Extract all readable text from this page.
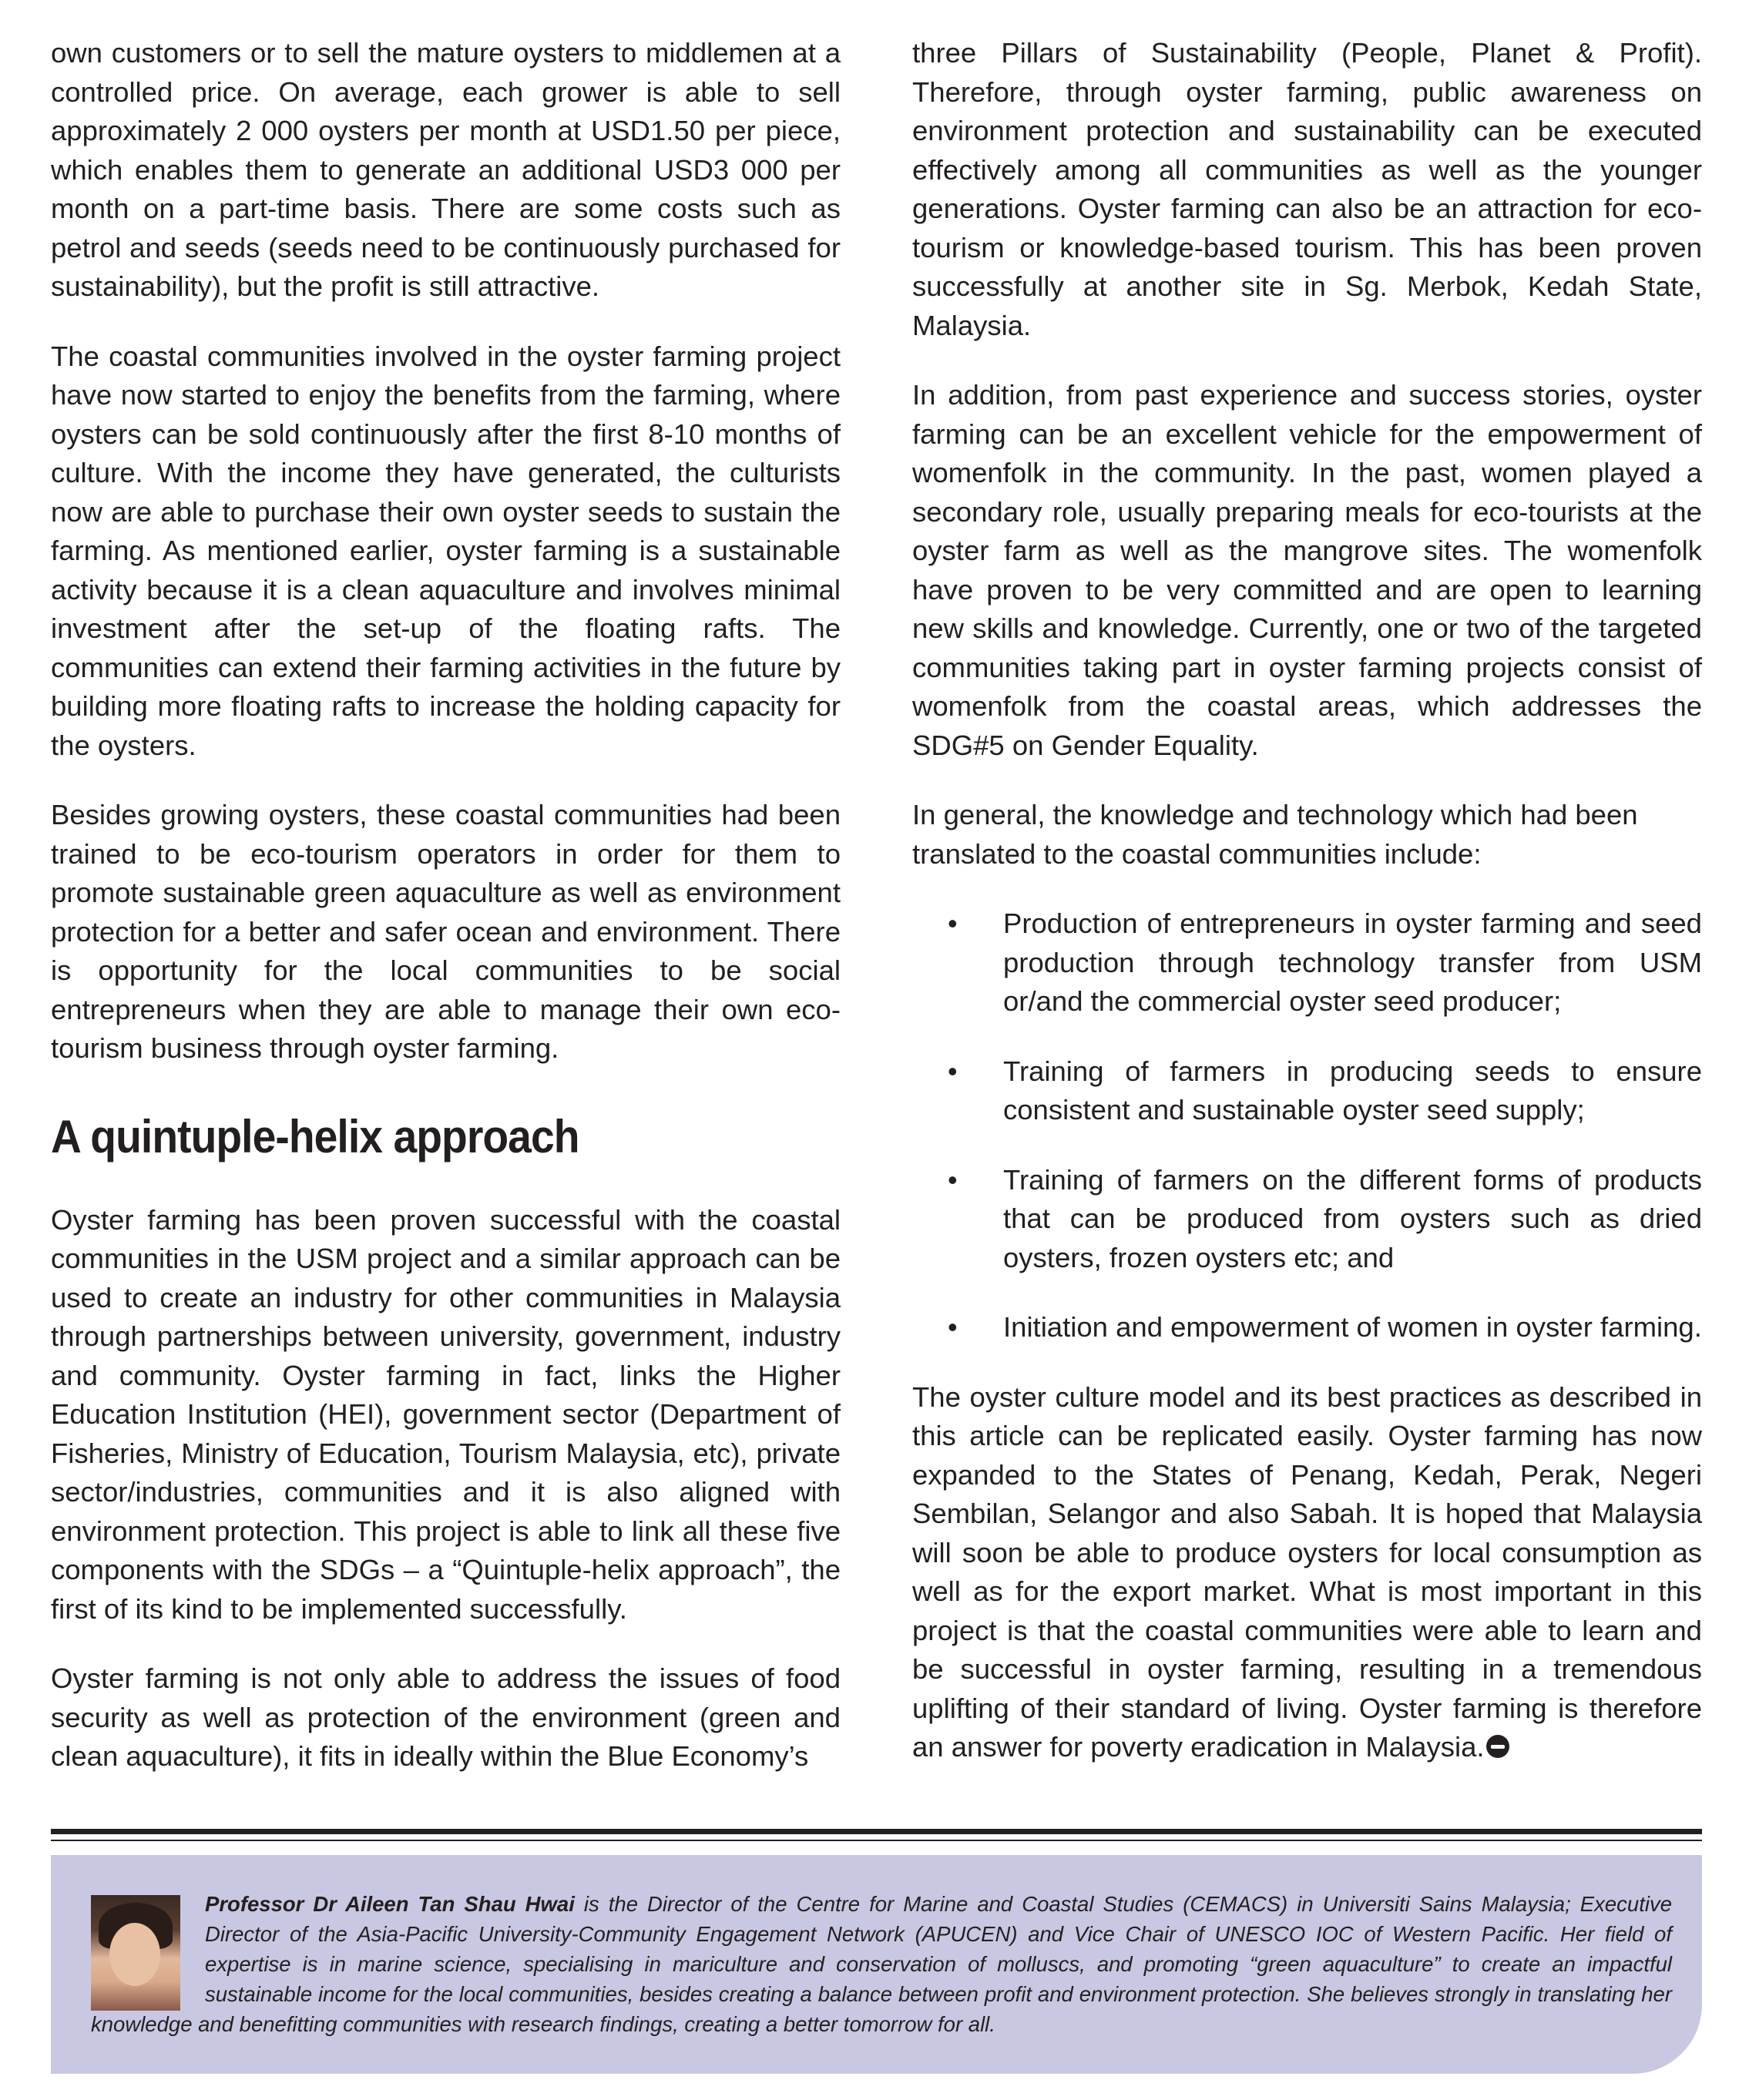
own customers or to sell the mature oysters to middlemen at a controlled price. On average, each grower is able to sell approximately 2 000 oysters per month at USD1.50 per piece, which enables them to generate an additional USD3 000 per month on a part-time basis. There are some costs such as petrol and seeds (seeds need to be continuously purchased for sustainability), but the profit is still attractive.

The coastal communities involved in the oyster farming project have now started to enjoy the benefits from the farming, where oysters can be sold continuously after the first 8-10 months of culture. With the income they have generated, the culturists now are able to purchase their own oyster seeds to sustain the farming. As mentioned earlier, oyster farming is a sustainable activity because it is a clean aquaculture and involves minimal investment after the set-up of the floating rafts. The communities can extend their farming activities in the future by building more floating rafts to increase the holding capacity for the oysters.

Besides growing oysters, these coastal communities had been trained to be eco-tourism operators in order for them to promote sustainable green aquaculture as well as environment protection for a better and safer ocean and environment. There is opportunity for the local communities to be social entrepreneurs when they are able to manage their own eco-tourism business through oyster farming.

A quintuple-helix approach

Oyster farming has been proven successful with the coastal communities in the USM project and a similar approach can be used to create an industry for other communities in Malaysia through partnerships between university, government, industry and community. Oyster farming in fact, links the Higher Education Institution (HEI), government sector (Department of Fisheries, Ministry of Education, Tourism Malaysia, etc), private sector/industries, communities and it is also aligned with environment protection. This project is able to link all these five components with the SDGs – a “Quintuple-helix approach”, the first of its kind to be implemented successfully.

Oyster farming is not only able to address the issues of food security as well as protection of the environment (green and clean aquaculture), it fits in ideally within the Blue Economy’s

three Pillars of Sustainability (People, Planet & Profit). Therefore, through oyster farming, public awareness on environment protection and sustainability can be executed effectively among all communities as well as the younger generations. Oyster farming can also be an attraction for eco-tourism or knowledge-based tourism. This has been proven successfully at another site in Sg. Merbok, Kedah State, Malaysia.

In addition, from past experience and success stories, oyster farming can be an excellent vehicle for the empowerment of womenfolk in the community. In the past, women played a secondary role, usually preparing meals for eco-tourists at the oyster farm as well as the mangrove sites. The womenfolk have proven to be very committed and are open to learning new skills and knowledge. Currently, one or two of the targeted communities taking part in oyster farming projects consist of womenfolk from the coastal areas, which addresses the SDG#5 on Gender Equality.

In general, the knowledge and technology which had been translated to the coastal communities include:

• Production of entrepreneurs in oyster farming and seed production through technology transfer from USM or/and the commercial oyster seed producer;
• Training of farmers in producing seeds to ensure consistent and sustainable oyster seed supply;
• Training of farmers on the different forms of products that can be produced from oysters such as dried oysters, frozen oysters etc; and
• Initiation and empowerment of women in oyster farming.

The oyster culture model and its best practices as described in this article can be replicated easily. Oyster farming has now expanded to the States of Penang, Kedah, Perak, Negeri Sembilan, Selangor and also Sabah. It is hoped that Malaysia will soon be able to produce oysters for local consumption as well as for the export market. What is most important in this project is that the coastal communities were able to learn and be successful in oyster farming, resulting in a tremendous uplifting of their standard of living. Oyster farming is therefore an answer for poverty eradication in Malaysia.

Professor Dr Aileen Tan Shau Hwai is the Director of the Centre for Marine and Coastal Studies (CEMACS) in Universiti Sains Malaysia; Executive Director of the Asia-Pacific University-Community Engagement Network (APUCEN) and Vice Chair of UNESCO IOC of Western Pacific. Her field of expertise is in marine science, specialising in mariculture and conservation of molluscs, and promoting “green aquaculture” to create an impactful sustainable income for the local communities, besides creating a balance between profit and environment protection. She believes strongly in translating her knowledge and benefitting communities with research findings, creating a better tomorrow for all.
